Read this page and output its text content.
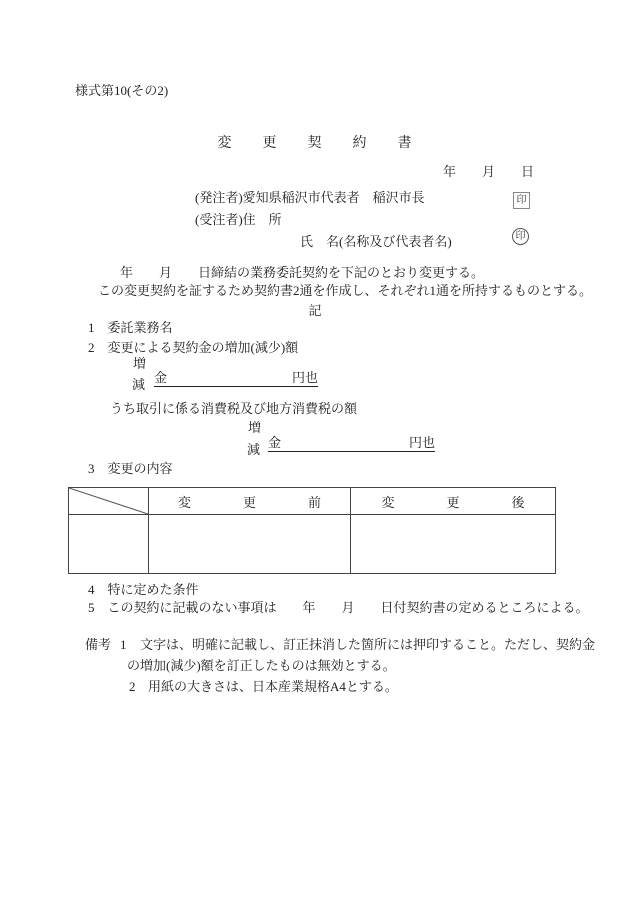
様式第10(その2)
変　　更　　契　　約　　書
年　　月　　日
(発注者)愛知県稲沢市代表者　稲沢市長	印
(受注者)住　所
氏　名(名称及び代表者名)	印
年　　月　　日締結の業務委託契約を下記のとおり変更する。
この変更契約を証するため契約書2通を作成し、それぞれ1通を所持するものとする。
記
1　委託業務名
2　変更による契約金の増加(減少)額
増
減 金	円也
うち取引に係る消費税及び地方消費税の額
増
減 金	円也
3　変更の内容
変　　　　更　　　　前	変　　　　更　　　　後
4　特に定めた条件
5　この契約に記載のない事項は　　年　　月　　日付契約書の定めるところによる。
備考 1 文字は、明確に記載し、訂正抹消した箇所には押印すること。ただし、契約金
の増加(減少)額を訂正したものは無効とする。
2 用紙の大きさは、日本産業規格A4とする。
